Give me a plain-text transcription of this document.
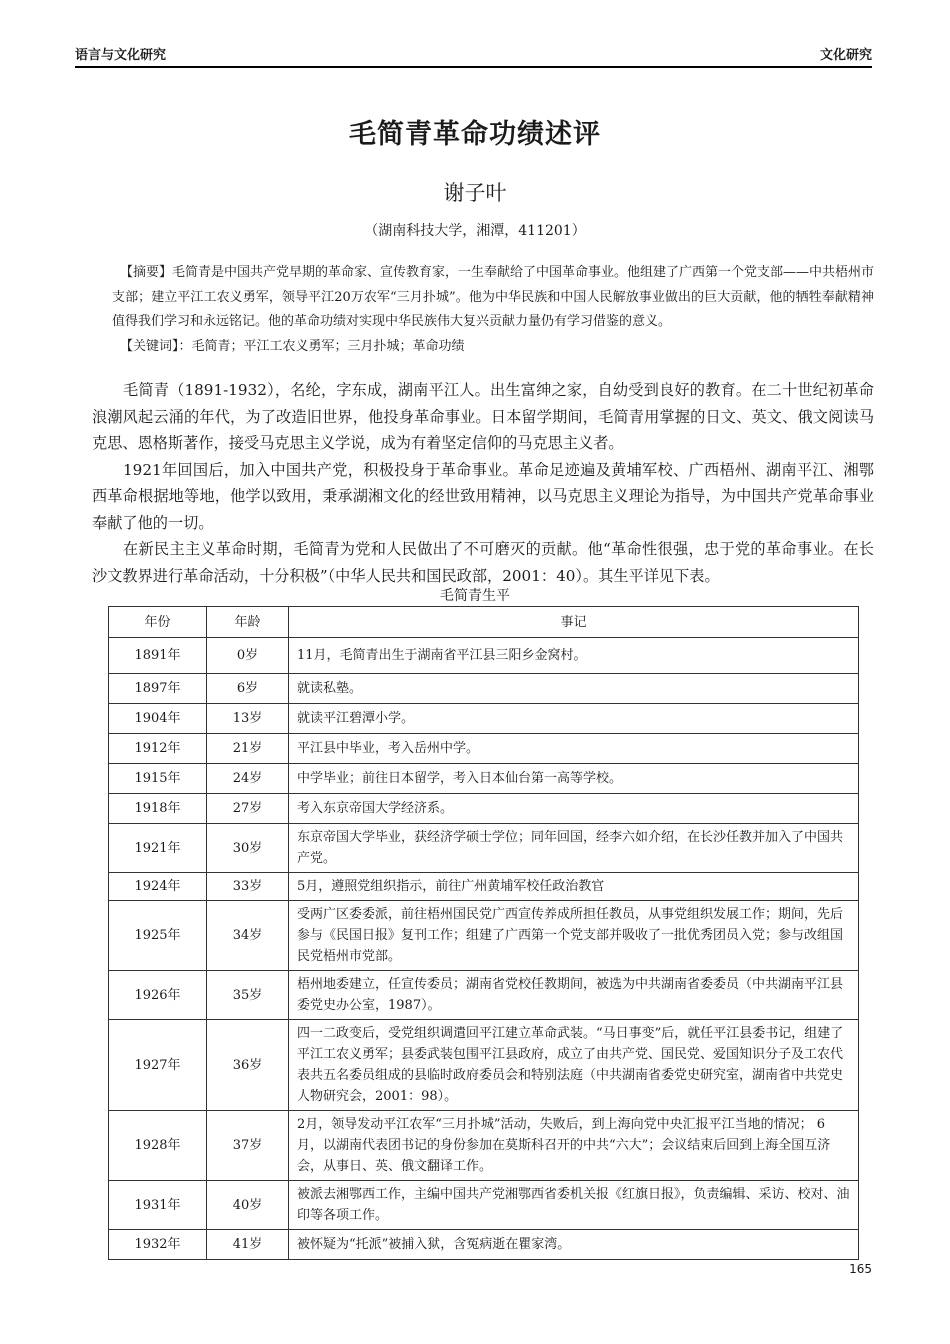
语言与文化研究	文化研究
毛简青革命功绩述评
谢子叶
（湖南科技大学，湘潭，411201）

【摘要】毛简青是中国共产党早期的革命家、宣传教育家，一生奉献给了中国革命事业。他组建了广西第一个党支部——中共梧州市支部；建立平江工农义勇军，领导平江20万农军“三月扑城”。他为中华民族和中国人民解放事业做出的巨大贡献，他的牺牲奉献精神值得我们学习和永远铭记。他的革命功绩对实现中华民族伟大复兴贡献力量仍有学习借鉴的意义。

【关键词】：毛简青；平江工农义勇军；三月扑城；革命功绩

毛简青（1891-1932），名纶，字东成，湖南平江人。出生富绅之家，自幼受到良好的教育。在二十世纪初革命浪潮风起云涌的年代，为了改造旧世界，他投身革命事业。日本留学期间，毛简青用掌握的日文、英文、俄文阅读马克思、恩格斯著作，接受马克思主义学说，成为有着坚定信仰的马克思主义者。

1921年回国后，加入中国共产党，积极投身于革命事业。革命足迹遍及黄埔军校、广西梧州、湖南平江、湘鄂西革命根据地等地，他学以致用，秉承湖湘文化的经世致用精神，以马克思主义理论为指导，为中国共产党革命事业奉献了他的一切。

在新民主主义革命时期，毛简青为党和人民做出了不可磨灭的贡献。他“革命性很强，忠于党的革命事业。在长沙文教界进行革命活动，十分积极”（中华人民共和国民政部，2001：40）。其生平详见下表。

毛简青生平
年份	年龄	事记
1891年	0岁	11月，毛简青出生于湖南省平江县三阳乡金窝村。
1897年	6岁	就读私塾。
1904年	13岁	就读平江碧潭小学。
1912年	21岁	平江县中毕业，考入岳州中学。
1915年	24岁	中学毕业；前往日本留学，考入日本仙台第一高等学校。
1918年	27岁	考入东京帝国大学经济系。
1921年	30岁	东京帝国大学毕业，获经济学硕士学位；同年回国，经李六如介绍，在长沙任教并加入了中国共产党。
1924年	33岁	5月，遵照党组织指示，前往广州黄埔军校任政治教官
1925年	34岁	受两广区委委派，前往梧州国民党广西宣传养成所担任教员，从事党组织发展工作；期间，先后参与《民国日报》复刊工作；组建了广西第一个党支部并吸收了一批优秀团员入党；参与改组国民党梧州市党部。
1926年	35岁	梧州地委建立，任宣传委员；湖南省党校任教期间，被选为中共湖南省委委员（中共湖南平江县委党史办公室，1987）。
1927年	36岁	四一二政变后，受党组织调遣回平江建立革命武装。“马日事变”后，就任平江县委书记，组建了平江工农义勇军；县委武装包围平江县政府，成立了由共产党、国民党、爱国知识分子及工农代表共五名委员组成的县临时政府委员会和特别法庭（中共湖南省委党史研究室，湖南省中共党史人物研究会，2001：98）。
1928年	37岁	2月，领导发动平江农军“三月扑城”活动，失败后，到上海向党中央汇报平江当地的情况； 6月，以湖南代表团书记的身份参加在莫斯科召开的中共“六大”；会议结束后回到上海全国互济会，从事日、英、俄文翻译工作。
1931年	40岁	被派去湘鄂西工作，主编中国共产党湘鄂西省委机关报《红旗日报》，负责编辑、采访、校对、油印等各项工作。
1932年	41岁	被怀疑为“托派”被捕入狱，含冤病逝在瞿家湾。
165
